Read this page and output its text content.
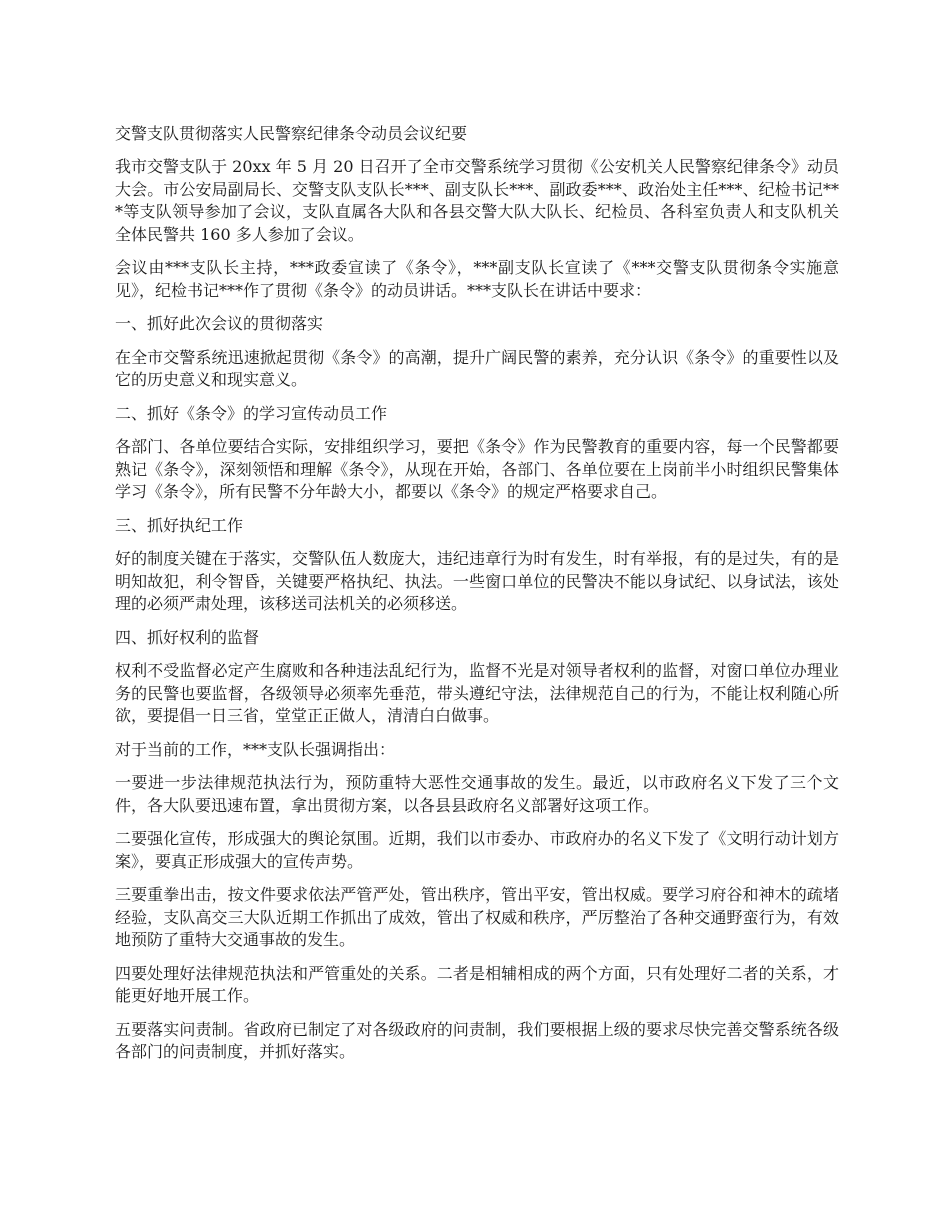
交警支队贯彻落实人民警察纪律条令动员会议纪要

我市交警支队于 20xx 年 5 月 20 日召开了全市交警系统学习贯彻《公安机关人民警察纪律条令》动员大会。市公安局副局长、交警支队支队长***、副支队长***、副政委***、政治处主任***、纪检书记***等支队领导参加了会议，支队直属各大队和各县交警大队大队长、纪检员、各科室负责人和支队机关全体民警共 160 多人参加了会议。

会议由***支队长主持，***政委宣读了《条令》，***副支队长宣读了《***交警支队贯彻条令实施意见》，纪检书记***作了贯彻《条令》的动员讲话。***支队长在讲话中要求：

一、抓好此次会议的贯彻落实

在全市交警系统迅速掀起贯彻《条令》的高潮，提升广阔民警的素养，充分认识《条令》的重要性以及它的历史意义和现实意义。

二、抓好《条令》的学习宣传动员工作

各部门、各单位要结合实际，安排组织学习，要把《条令》作为民警教育的重要内容，每一个民警都要熟记《条令》，深刻领悟和理解《条令》，从现在开始，各部门、各单位要在上岗前半小时组织民警集体学习《条令》，所有民警不分年龄大小，都要以《条令》的规定严格要求自己。

三、抓好执纪工作

好的制度关键在于落实，交警队伍人数庞大，违纪违章行为时有发生，时有举报，有的是过失，有的是明知故犯，利令智昏，关键要严格执纪、执法。一些窗口单位的民警决不能以身试纪、以身试法，该处理的必须严肃处理，该移送司法机关的必须移送。

四、抓好权利的监督

权利不受监督必定产生腐败和各种违法乱纪行为，监督不光是对领导者权利的监督，对窗口单位办理业务的民警也要监督，各级领导必须率先垂范，带头遵纪守法，法律规范自己的行为，不能让权利随心所欲，要提倡一日三省，堂堂正正做人，清清白白做事。

对于当前的工作，***支队长强调指出：

一要进一步法律规范执法行为，预防重特大恶性交通事故的发生。最近，以市政府名义下发了三个文件，各大队要迅速布置，拿出贯彻方案，以各县县政府名义部署好这项工作。

二要强化宣传，形成强大的舆论氛围。近期，我们以市委办、市政府办的名义下发了《文明行动计划方案》，要真正形成强大的宣传声势。

三要重拳出击，按文件要求依法严管严处，管出秩序，管出平安，管出权威。要学习府谷和神木的疏堵经验，支队高交三大队近期工作抓出了成效，管出了权威和秩序，严厉整治了各种交通野蛮行为，有效地预防了重特大交通事故的发生。

四要处理好法律规范执法和严管重处的关系。二者是相辅相成的两个方面，只有处理好二者的关系，才能更好地开展工作。

五要落实问责制。省政府已制定了对各级政府的问责制，我们要根据上级的要求尽快完善交警系统各级各部门的问责制度，并抓好落实。
